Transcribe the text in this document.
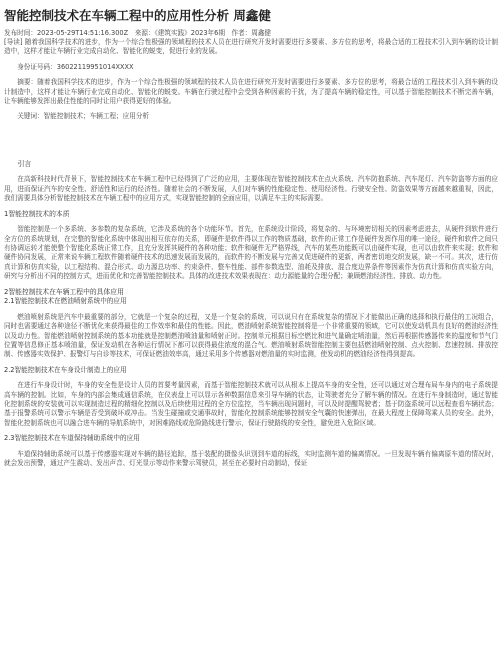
智能控制技术在车辆工程中的应用性分析 周鑫健
发布时间：2023-05-29T14:51:16.300Z　来源：《建筑实践》2023年6期　作者：周鑫健

[导读] 随着我国科学技术的进步，作为一个综合性极强的领域程的技术人员在进行研究开发时需要进行多要素、多方位的思考，将最合适的工程技术引入到车辆的设计制造中，这样才能让车辆行业完成自动化、智能化的蜕变，促进行业的发展。

身份证号码：36022119951014XXXX

摘要：随着我国科学技术的进步，作为一个综合性极强的领域程的技术人员在进行研究开发时需要进行多要素、多方位的思考，将最合适的工程技术引入到车辆的设计制造中，这样才能让车辆行业完成自动化、智能化的蜕变。车辆在行驶过程中会受到各种因素的干扰，为了提高车辆的稳定性，可以基于智能控制技术不断完善车辆，让车辆能够发挥出最佳性能的同时让用户获得更好的体验。

关键词：智能控制技术；车辆工程；应用分析

引言

在高新科技时代背景下，智能控制技术在车辆工程中已经得到了广泛的应用，主要体现在智能控制技术在点火系统、汽车防抱系统、汽车尾灯、汽车防盗等方面的应用，进而保证汽车的安全性、舒适性和运行的经济性。随着社会的不断发展，人们对车辆的性能稳定性、使用经济性、行驶安全性、防盗效果等方面越来越重视，因此，我们需要具体分析智能控制技术在车辆工程中的应用方式，实现智能控制的全面应用，以满足车主的实际需要。

1智能控制技术的本质

智能控制是一个多系统、多参数的复杂系统，它涉及系统的各个功能环节。首先，在系统设计阶段，将复杂的、与环境密切相关的因素考虑进去，从硬件到软件进行全方位的系统规划，在完整的智能化系统中体现出相互依存的关系，即硬件是软件得以工作的物质基础，软件的正常工作是硬件发挥作用的唯一途径，硬件和软件之间只有协调运转才能使整个智能化系统正常工作，且充分发挥其硬件的各种功能；软件和硬件无严格界线，汽车的某些功能既可以由硬件实现，也可以由软件来实现；软件和硬件协同发展，正常来说车辆工程软件随着硬件技术的迅速发展而发展的，而软件的不断发展与完善又促进硬件的更新，两者密切地交织发展，缺一不可。其次，进行仿真计算和仿真实验，以工程结构、混合形式、动力源总功率、约束条件、整车性能、部件参数选型、油耗及排放、混合度边界条件等因素作为仿真计算和仿真实验方向，研究与分析出不同的控制方式，进而优化和完善智能控制技术。具体的改进技术效果表现在：动力源能量的合理分配；兼顾燃油经济性、排放、动力性。

2智能控制技术在车辆工程中的具体应用

2.1智能控制技术在燃油喷射系统中的应用

燃油喷射系统是汽车中最重要的部分，它就是一个复杂的过程，又是一个复杂的系统，可以说只有在系统复杂的情况下才能做出正确的选择和执行最佳的工况组合，同时也需要通过各种途径不断优化来获得最佳的工作效率和最佳的性能。因此，燃油喷射系统智能控制将是一个非常重要的领域，它可以使发动机具有良好的燃油经济性以及动力性。智能燃油喷射控制系统的基本功能就是控制燃油喷油量和喷射正时。控制单元根据目标空燃比和进气量确定喷油量，然后再根据传感器传来的温度和节气门位置等信息修正基本喷油量，保证发动机在各种运行情况下都可以获得最佳浓度的混合气。燃油喷射系统智能控制主要包括燃油喷射控制、点火控制、怠速控制、排放控制、传感器实效保护、报警灯与自诊等技术，可保证燃油效率高，通过采用多个传感器对燃油量的实时监测，使发动机的燃油经济性得到提高。

2.2智能控制技术在车身设计制造上的应用

在进行车身设计时，车身的安全性是设计人员的首要考量因素，而基于智能控制技术就可以从根本上提高车身的安全性，还可以通过对合理布局车身内的电子系统提高车辆的控制。比如，车身的内部会集成通信系统，在仪表盘上可以显示各种数据信息来引导车辆的状态，让驾驶者充分了解车辆的情况。在进行车身制造时，通过智能化控制系统的安装就可以实现制造过程的精细化控制以及后续使用过程的全方位监控，当车辆出现问题时，可以及时提醒驾驶者；基于防盗系统可以远程查看车辆状态；基于报警系统可以警示车辆是否受到破坏或冲击。当发生碰撞或交通事故时，智能化控制系统能够控制安全气囊的快速弹出，在最大程度上保障驾乘人员的安全。此外，智能化控制系统也可以融合进车辆的导航系统中，对困难路线或危险路线进行警示，保证行驶路线的安全性，避免进入危险区域。

2.3智能控制技术在车道保持辅助系统中的应用

车道保持辅助系统可以基于传感器实现对车辆的路径追踪，基于装配的摄像头识别到车道的标线，实时监测车道的偏离情况。一旦发现车辆有偏离原车道的情况时，就会发出预警，通过产生震动、发出声音、灯光显示等动作来警示驾驶员，甚至在必要时自动制动，保证
